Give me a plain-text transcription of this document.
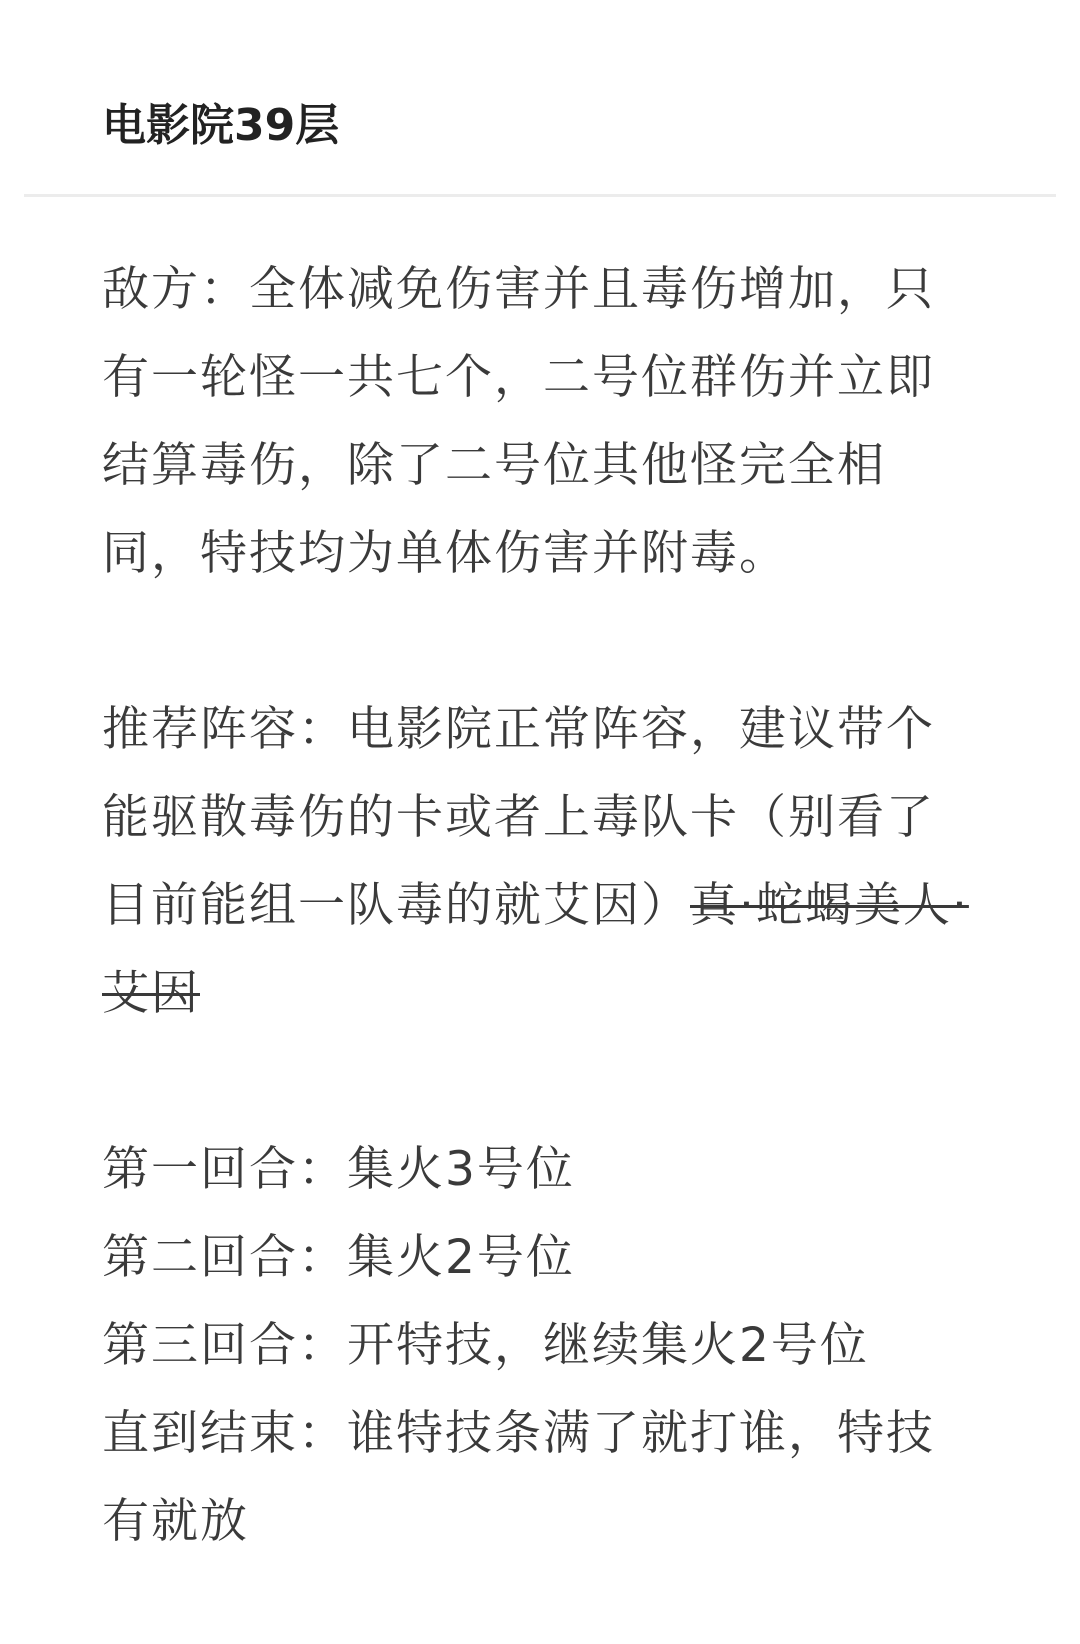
电影院39层

敌方：全体减免伤害并且毒伤增加，只有一轮怪一共七个，二号位群伤并立即结算毒伤，除了二号位其他怪完全相同，特技均为单体伤害并附毒。

推荐阵容：电影院正常阵容，建议带个能驱散毒伤的卡或者上毒队卡（别看了目前能组一队毒的就艾因）真·蛇蝎美人·艾因

第一回合：集火3号位

第二回合：集火2号位

第三回合：开特技，继续集火2号位

直到结束：谁特技条满了就打谁，特技有就放
